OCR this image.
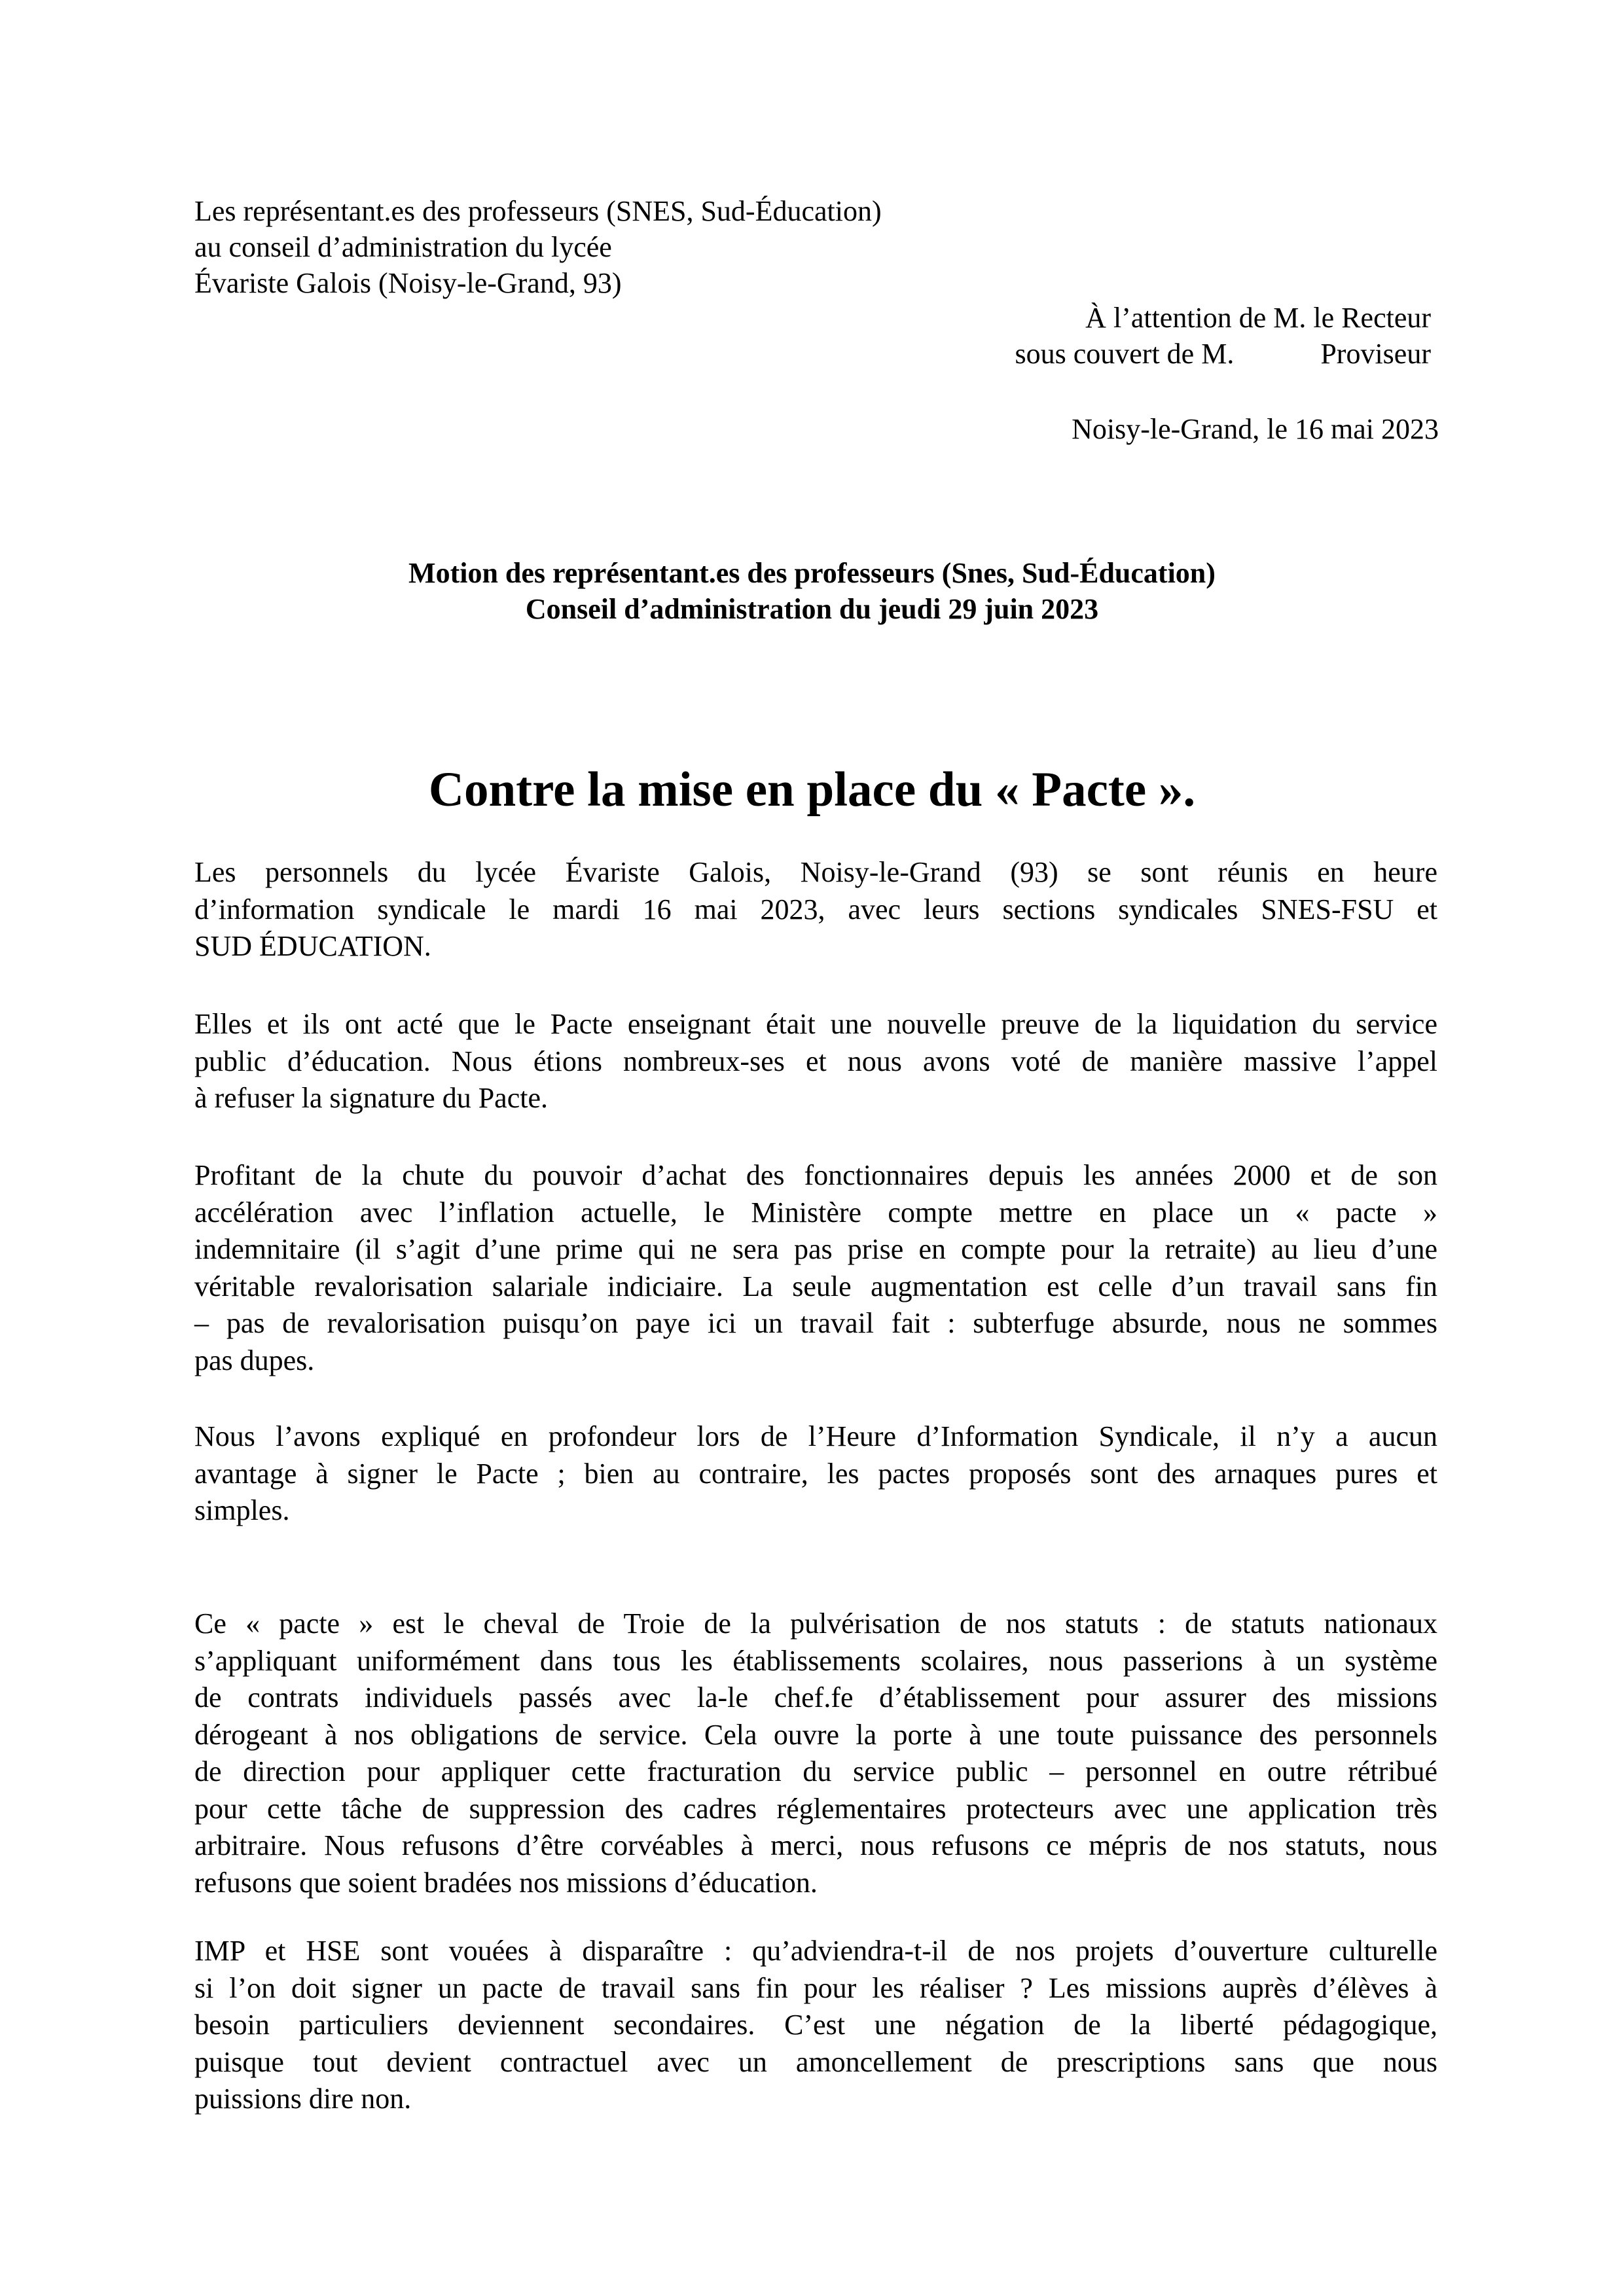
Les représentant.es des professeurs (SNES, Sud-Éducation)
au conseil d’administration du lycée
Évariste Galois (Noisy-le-Grand, 93)
À l’attention de M. le Recteur
sous couvert de M.            Proviseur
Noisy-le-Grand, le 16 mai 2023
Motion des représentant.es des professeurs (Snes, Sud-Éducation)
Conseil d’administration du jeudi 29 juin 2023
Contre la mise en place du « Pacte ».
Les personnels du lycée Évariste Galois, Noisy-le-Grand (93) se sont réunis en heure
d’information syndicale le mardi 16 mai 2023, avec leurs sections syndicales SNES-FSU et
SUD ÉDUCATION.
Elles et ils ont acté que le Pacte enseignant était une nouvelle preuve de la liquidation du service
public d’éducation. Nous étions nombreux-ses et nous avons voté de manière massive l’appel
à refuser la signature du Pacte.
Profitant de la chute du pouvoir d’achat des fonctionnaires depuis les années 2000 et de son
accélération avec l’inflation actuelle, le Ministère compte mettre en place un « pacte »
indemnitaire (il s’agit d’une prime qui ne sera pas prise en compte pour la retraite) au lieu d’une
véritable revalorisation salariale indiciaire. La seule augmentation est celle d’un travail sans fin
– pas de revalorisation puisqu’on paye ici un travail fait : subterfuge absurde, nous ne sommes
pas dupes.
Nous l’avons expliqué en profondeur lors de l’Heure d’Information Syndicale, il n’y a aucun
avantage à signer le Pacte ; bien au contraire, les pactes proposés sont des arnaques pures et
simples.
Ce « pacte » est le cheval de Troie de la pulvérisation de nos statuts : de statuts nationaux
s’appliquant uniformément dans tous les établissements scolaires, nous passerions à un système
de contrats individuels passés avec la-le chef.fe d’établissement pour assurer des missions
dérogeant à nos obligations de service. Cela ouvre la porte à une toute puissance des personnels
de direction pour appliquer cette fracturation du service public – personnel en outre rétribué
pour cette tâche de suppression des cadres réglementaires protecteurs avec une application très
arbitraire. Nous refusons d’être corvéables à merci, nous refusons ce mépris de nos statuts, nous
refusons que soient bradées nos missions d’éducation.
IMP et HSE sont vouées à disparaître : qu’adviendra-t-il de nos projets d’ouverture culturelle
si l’on doit signer un pacte de travail sans fin pour les réaliser ? Les missions auprès d’élèves à
besoin particuliers deviennent secondaires. C’est une négation de la liberté pédagogique,
puisque tout devient contractuel avec un amoncellement de prescriptions sans que nous
puissions dire non.
